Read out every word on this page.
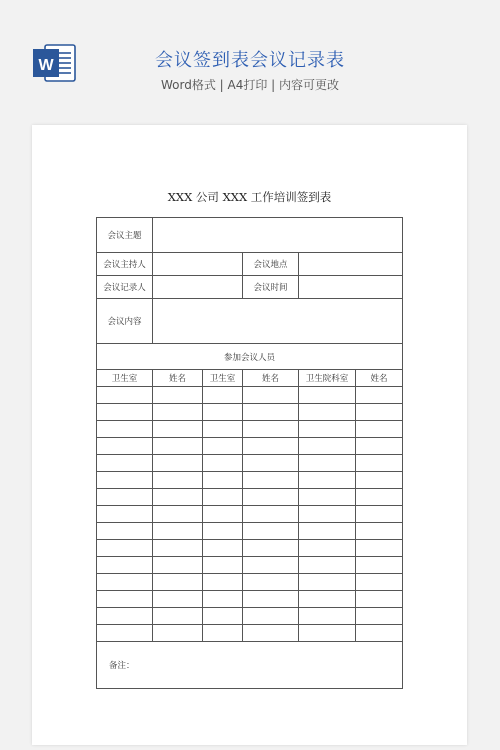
W	会议签到表会议记录表
Word格式 | A4打印 | 内容可更改
XXX 公司 XXX 工作培训签到表
会议主题					
会议主持人			会议地点		
会议记录人			会议时间		
会议内容					
参加会议人员					
卫生室	姓名	卫生室	姓名	卫生院科室	姓名

备注：					
